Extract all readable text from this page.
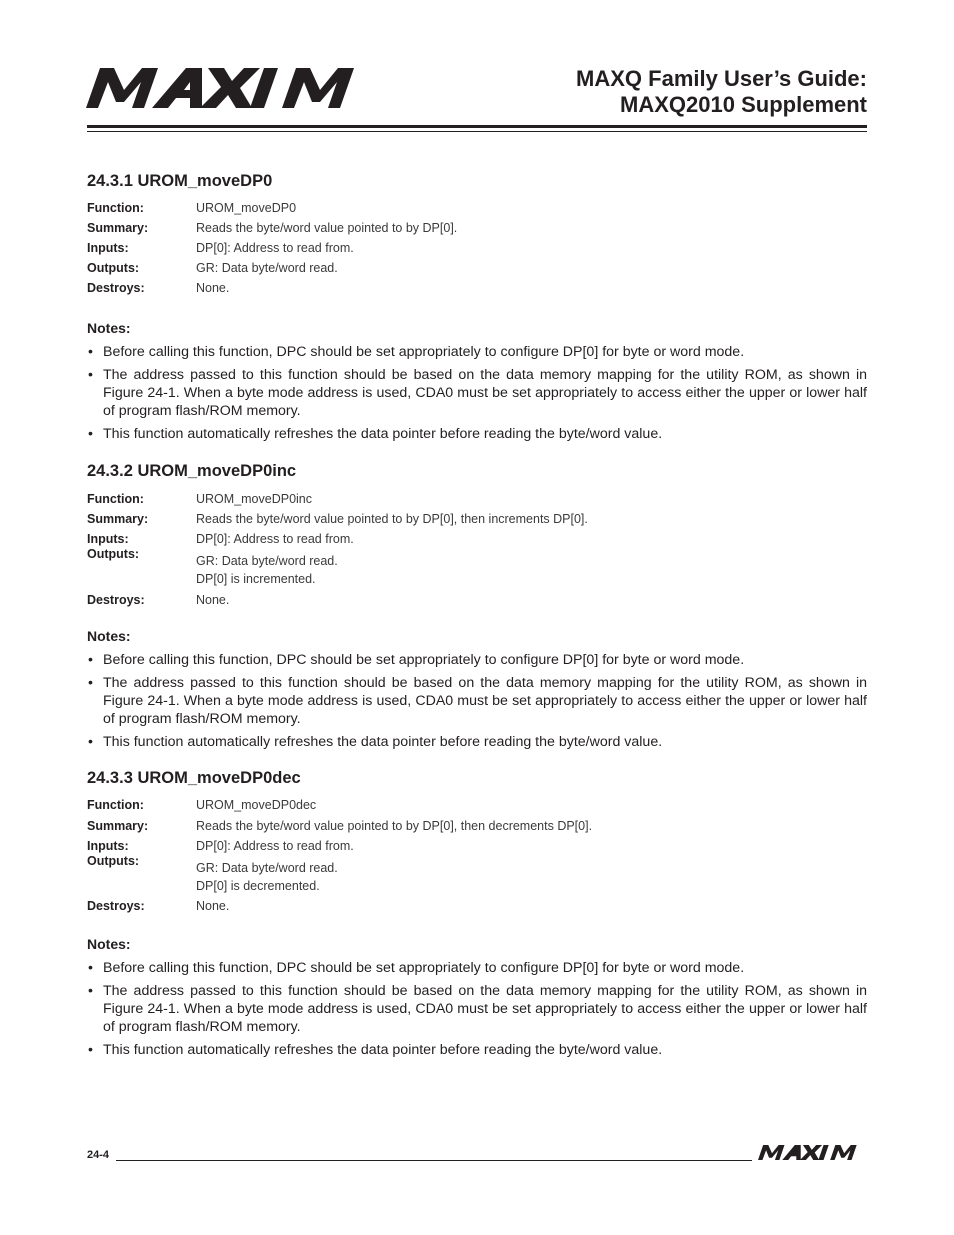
MAXQ Family User’s Guide:
MAXQ2010 Supplement
24.3.1 UROM_moveDP0
Function:	UROM_moveDP0
Summary:	Reads the byte/word value pointed to by DP[0].
Inputs:	DP[0]: Address to read from.
Outputs:	GR: Data byte/word read.
Destroys:	None.
Notes:
• Before calling this function, DPC should be set appropriately to configure DP[0] for byte or word mode.
• The address passed to this function should be based on the data memory mapping for the utility ROM, as shown in Figure 24-1. When a byte mode address is used, CDA0 must be set appropriately to access either the upper or lower half of program flash/ROM memory.
• This function automatically refreshes the data pointer before reading the byte/word value.
24.3.2 UROM_moveDP0inc
Function:	UROM_moveDP0inc
Summary:	Reads the byte/word value pointed to by DP[0], then increments DP[0].
Inputs:	DP[0]: Address to read from.
Outputs:	GR: Data byte/word read.
DP[0] is incremented.
Destroys:	None.
Notes:
• Before calling this function, DPC should be set appropriately to configure DP[0] for byte or word mode.
• The address passed to this function should be based on the data memory mapping for the utility ROM, as shown in Figure 24-1. When a byte mode address is used, CDA0 must be set appropriately to access either the upper or lower half of program flash/ROM memory.
• This function automatically refreshes the data pointer before reading the byte/word value.
24.3.3 UROM_moveDP0dec
Function:	UROM_moveDP0dec
Summary:	Reads the byte/word value pointed to by DP[0], then decrements DP[0].
Inputs:	DP[0]: Address to read from.
Outputs:	GR: Data byte/word read.
DP[0] is decremented.
Destroys:	None.
Notes:
• Before calling this function, DPC should be set appropriately to configure DP[0] for byte or word mode.
• The address passed to this function should be based on the data memory mapping for the utility ROM, as shown in Figure 24-1. When a byte mode address is used, CDA0 must be set appropriately to access either the upper or lower half of program flash/ROM memory.
• This function automatically refreshes the data pointer before reading the byte/word value.
24-4
